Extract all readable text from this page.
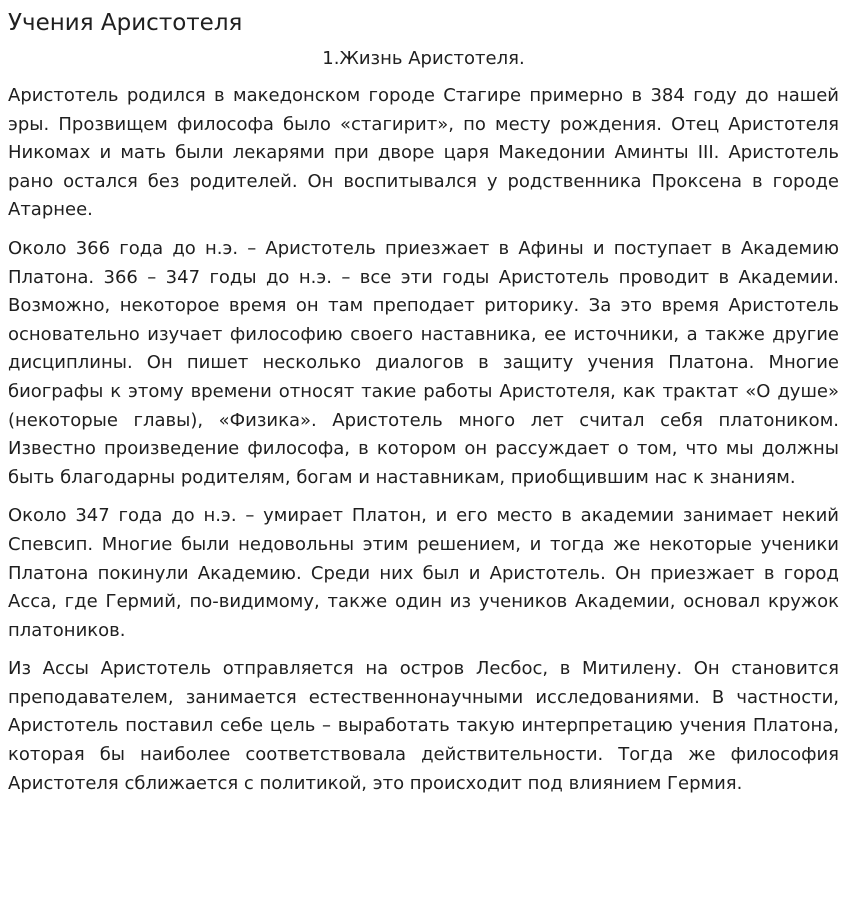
Учения Аристотеля
1.Жизнь Аристотеля.

Аристотель родился в македонском городе Стагире примерно в 384 году до нашей эры. Прозвищем философа было «стагирит», по месту рождения. Отец Аристотеля Никомах и мать были лекарями при дворе царя Македонии Аминты III. Аристотель рано остался без родителей. Он воспитывался у родственника Проксена в городе Атарнее.

Около 366 года до н.э. – Аристотель приезжает в Афины и поступает в Академию Платона. 366 – 347 годы до н.э. – все эти годы Аристотель проводит в Академии. Возможно, некоторое время он там преподает риторику. За это время Аристотель основательно изучает философию своего наставника, ее источники, а также другие дисциплины. Он пишет несколько диалогов в защиту учения Платона. Многие биографы к этому времени относят такие работы Аристотеля, как трактат «О душе» (некоторые главы), «Физика». Аристотель много лет считал себя платоником. Известно произведение философа, в котором он рассуждает о том, что мы должны быть благодарны родителям, богам и наставникам, приобщившим нас к знаниям.

Около 347 года до н.э. – умирает Платон, и его место в академии занимает некий Спевсип. Многие были недовольны этим решением, и тогда же некоторые ученики Платона покинули Академию. Среди них был и Аристотель. Он приезжает в город Асса, где Гермий, по-видимому, также один из учеников Академии, основал кружок платоников.

Из Ассы Аристотель отправляется на остров Лесбос, в Митилену. Он становится преподавателем, занимается естественнонаучными исследованиями. В частности, Аристотель поставил себе цель – выработать такую интерпретацию учения Платона, которая бы наиболее соответствовала действительности. Тогда же философия Аристотеля сближается с политикой, это происходит под влиянием Гермия.
